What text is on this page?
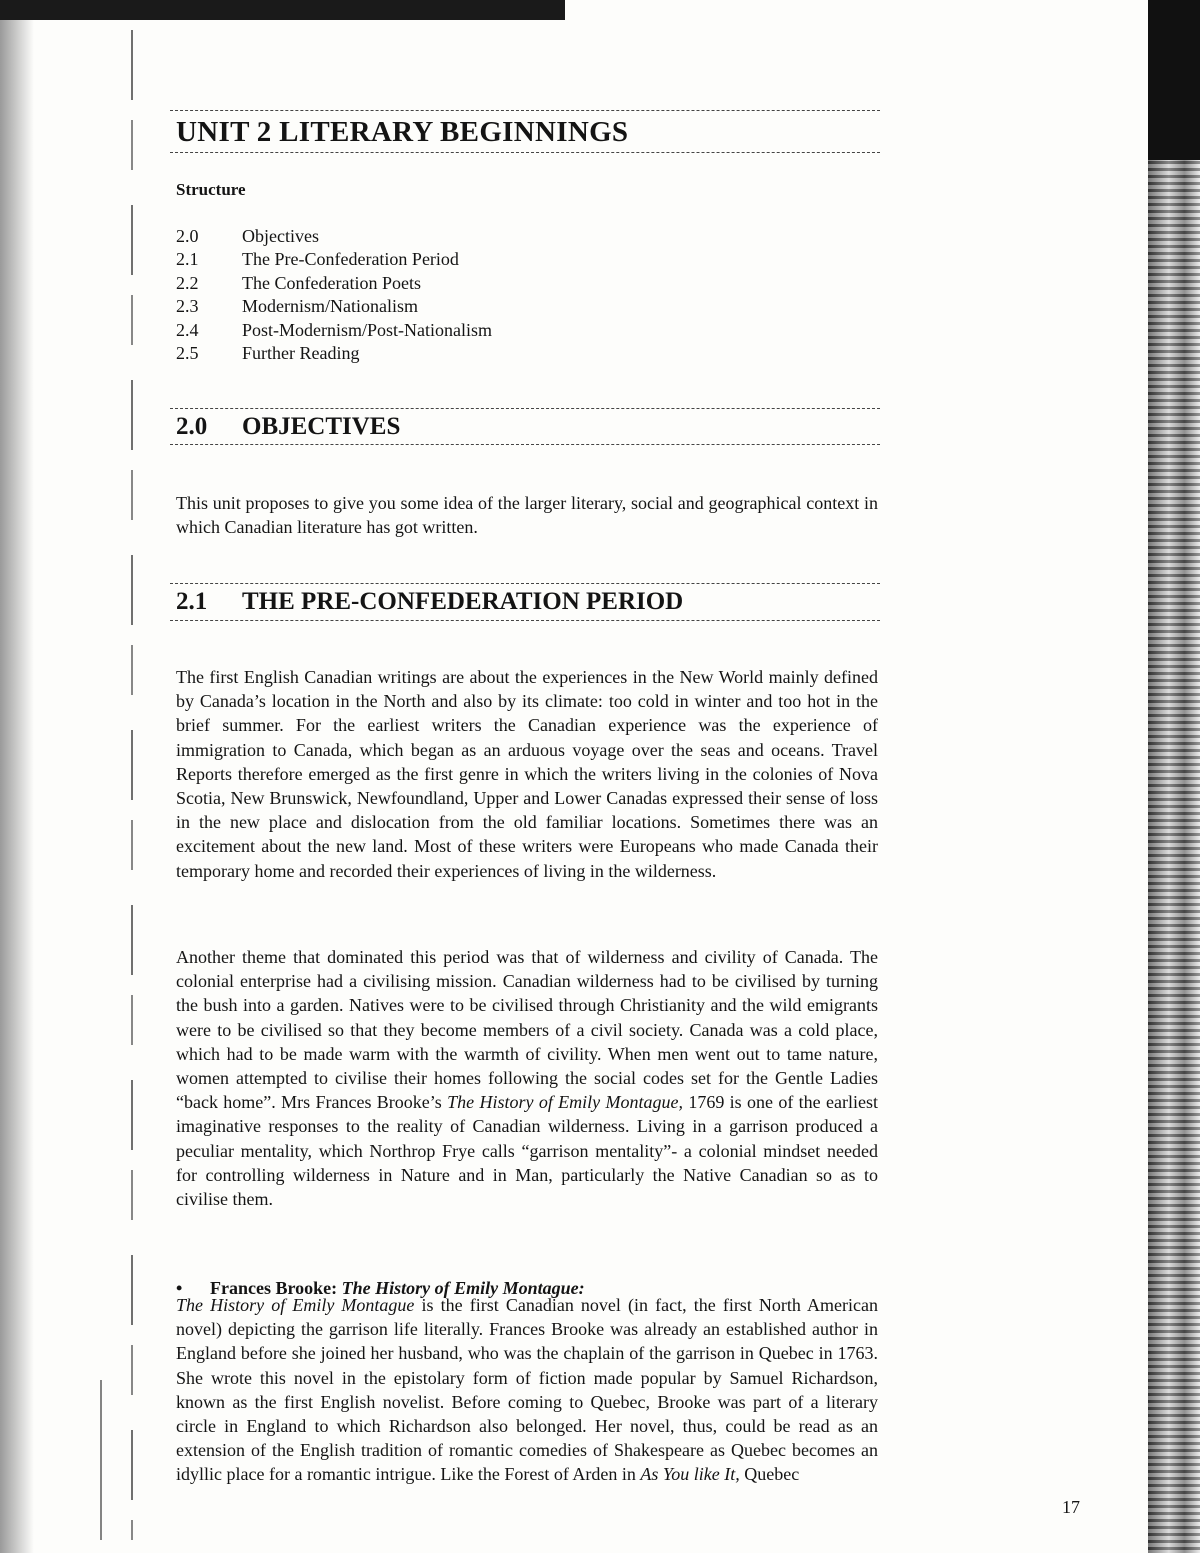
UNIT 2 LITERARY BEGINNINGS
Structure
2.0 Objectives
2.1 The Pre-Confederation Period
2.2 The Confederation Poets
2.3 Modernism/Nationalism
2.4 Post-Modernism/Post-Nationalism
2.5 Further Reading
2.0 OBJECTIVES

This unit proposes to give you some idea of the larger literary, social and geographical context in which Canadian literature has got written.

2.1 THE PRE-CONFEDERATION PERIOD

The first English Canadian writings are about the experiences in the New World mainly defined by Canada’s location in the North and also by its climate: too cold in winter and too hot in the brief summer. For the earliest writers the Canadian experience was the experience of immigration to Canada, which began as an arduous voyage over the seas and oceans. Travel Reports therefore emerged as the first genre in which the writers living in the colonies of Nova Scotia, New Brunswick, Newfoundland, Upper and Lower Canadas expressed their sense of loss in the new place and dislocation from the old familiar locations. Sometimes there was an excitement about the new land. Most of these writers were Europeans who made Canada their temporary home and recorded their experiences of living in the wilderness.

Another theme that dominated this period was that of wilderness and civility of Canada. The colonial enterprise had a civilising mission. Canadian wilderness had to be civilised by turning the bush into a garden. Natives were to be civilised through Christianity and the wild emigrants were to be civilised so that they become members of a civil society. Canada was a cold place, which had to be made warm with the warmth of civility. When men went out to tame nature, women attempted to civilise their homes following the social codes set for the Gentle Ladies “back home”. Mrs Frances Brooke’s The History of Emily Montague, 1769 is one of the earliest imaginative responses to the reality of Canadian wilderness. Living in a garrison produced a peculiar mentality, which Northrop Frye calls “garrison mentality”- a colonial mindset needed for controlling wilderness in Nature and in Man, particularly the Native Canadian so as to civilise them.

• Frances Brooke: The History of Emily Montague:

The History of Emily Montague is the first Canadian novel (in fact, the first North American novel) depicting the garrison life literally. Frances Brooke was already an established author in England before she joined her husband, who was the chaplain of the garrison in Quebec in 1763. She wrote this novel in the epistolary form of fiction made popular by Samuel Richardson, known as the first English novelist. Before coming to Quebec, Brooke was part of a literary circle in England to which Richardson also belonged. Her novel, thus, could be read as an extension of the English tradition of romantic comedies of Shakespeare as Quebec becomes an idyllic place for a romantic intrigue. Like the Forest of Arden in As You like It, Quebec

17
